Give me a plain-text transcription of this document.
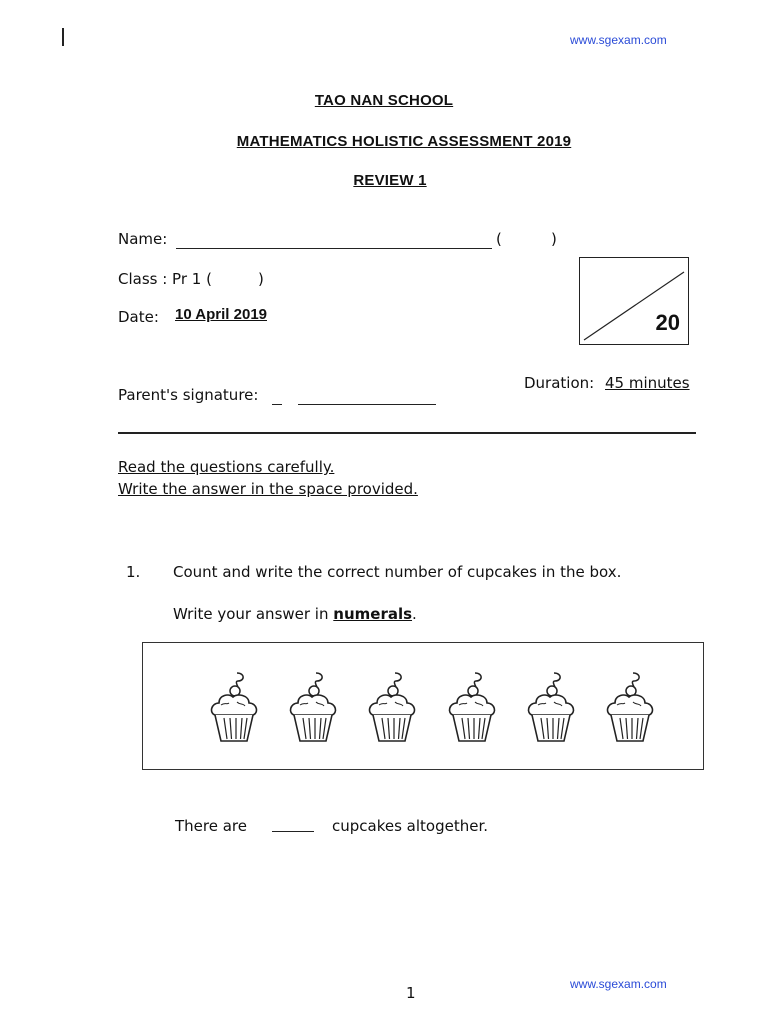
www.sgexam.com
TAO NAN SCHOOL
MATHEMATICS HOLISTIC ASSESSMENT 2019
REVIEW 1
Name:	(	)
Class : Pr 1 (	)
Date: 10 April 2019	20
Duration: 45 minutes
Parent's signature:
Read the questions carefully.
Write the answer in the space provided.
1. Count and write the correct number of cupcakes in the box.
Write your answer in numerals.
There are	cupcakes altogether.
1	www.sgexam.com
